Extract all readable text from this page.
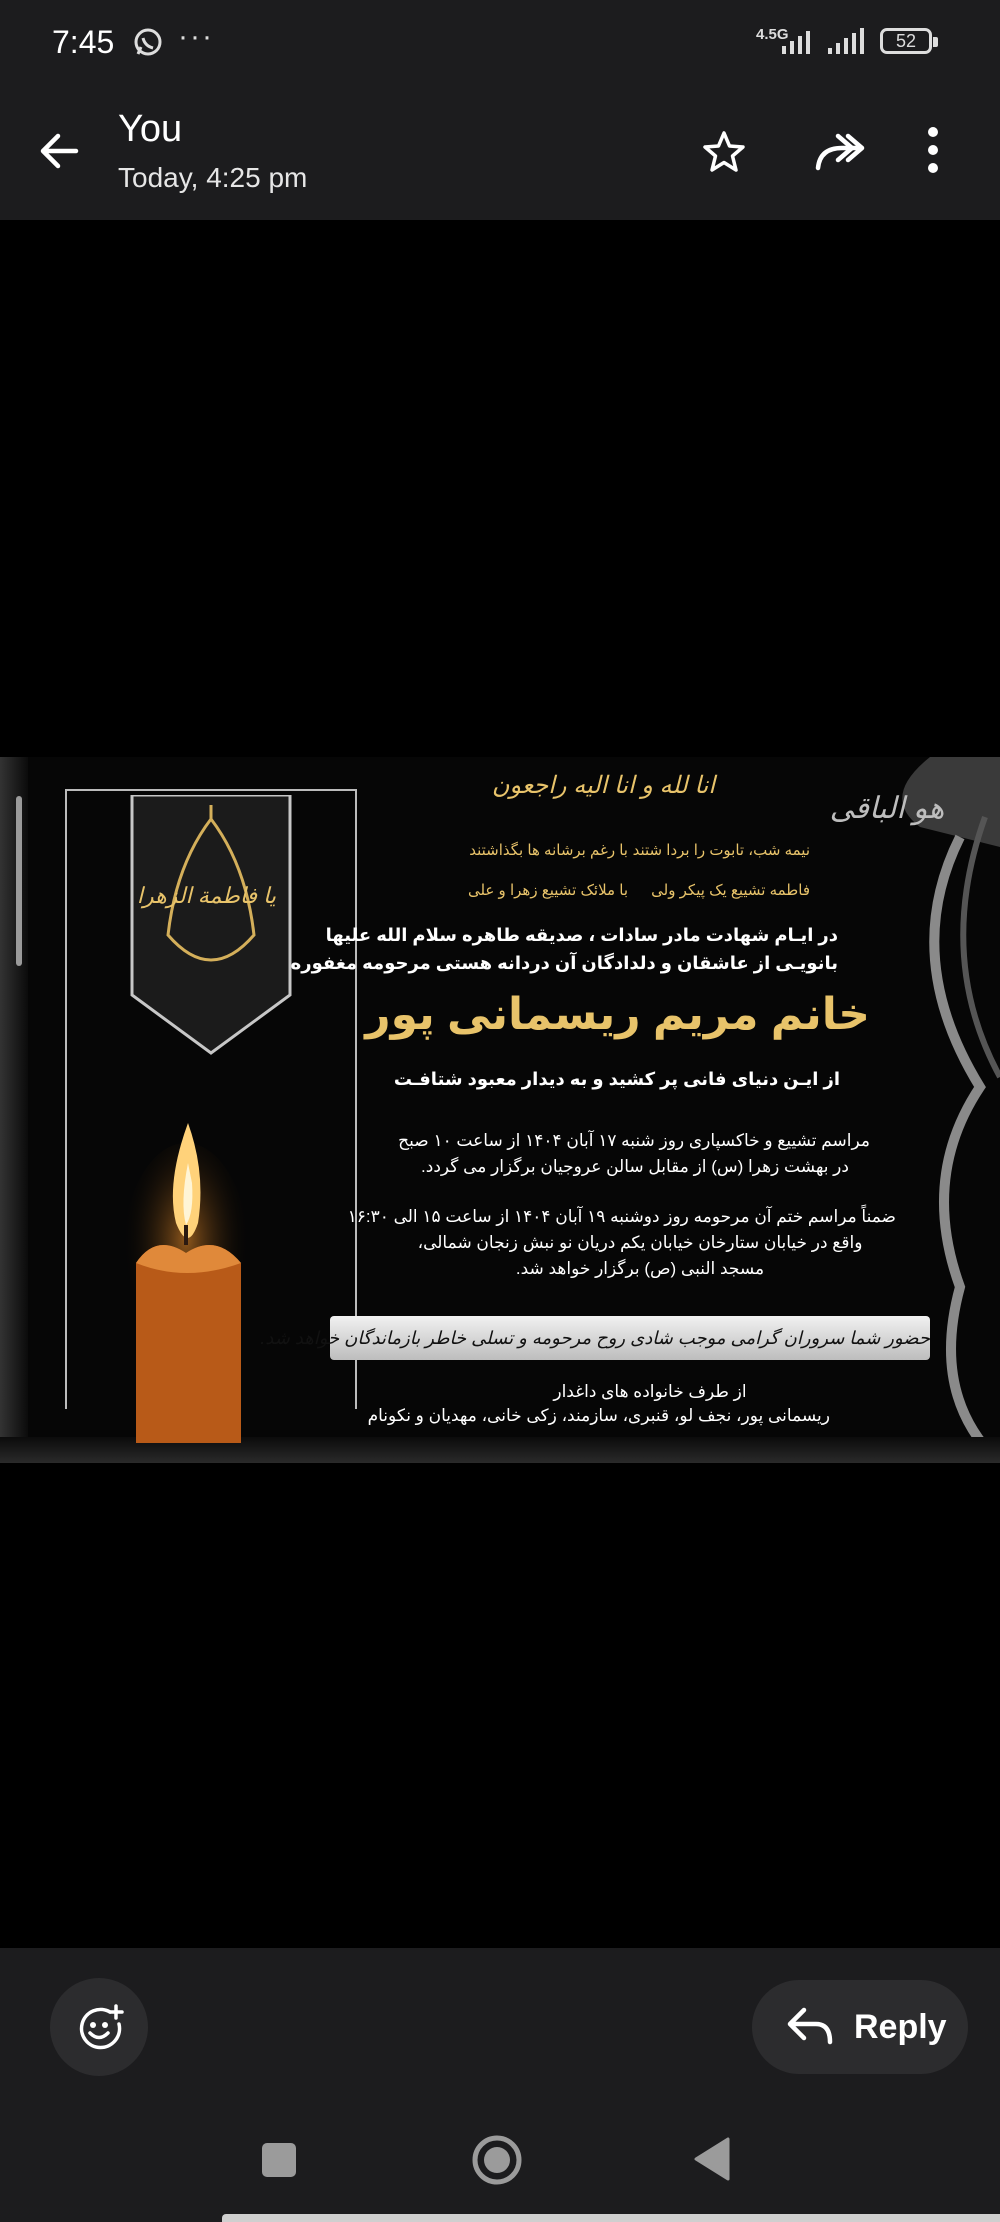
7:45 ···	4.5G	52
You
Today, 4:25 pm
یا فاطمة الزهرا
انا لله و انا الیه راجعون
هو الباقی
نیمه شب، تابوت را بردا شتند
با رغم برشانه ها بگذاشتند
فاطمه تشییع یک پیکر ولی
با ملائک تشییع زهرا و علی
در ایـام شهادت مادر سادات ، صدیقه طاهره سلام الله علیها
بانویـی از عاشقان و دلدادگان آن دردانه هستی مرحومه مغفوره
خانم مریم ریسمانی پور
از ایـن دنیای فانی پر کشید و به دیدار معبود شتافـت
مراسم تشییع و خاکسپاری روز شنبه ۱۷ آبان ۱۴۰۴ از ساعت ۱۰ صبح
در بهشت زهرا (س) از مقابل سالن عروجیان برگزار می گردد.
ضمناً مراسم ختم آن مرحومه روز دوشنبه ۱۹ آبان ۱۴۰۴ از ساعت ۱۵ الی ۱۶:۳۰
واقع در خیابان ستارخان خیابان یکم دریان نو نبش زنجان شمالی،
مسجد النبی (ص) برگزار خواهد شد.
حضور شما سروران گرامی موجب شادی روح مرحومه و تسلی خاطر بازماندگان خواهد شد.
از طرف خانواده های داغدار
ریسمانی پور، نجف لو، قنبری، سازمند، زکی خانی، مهدیان و نکونام
Reply
